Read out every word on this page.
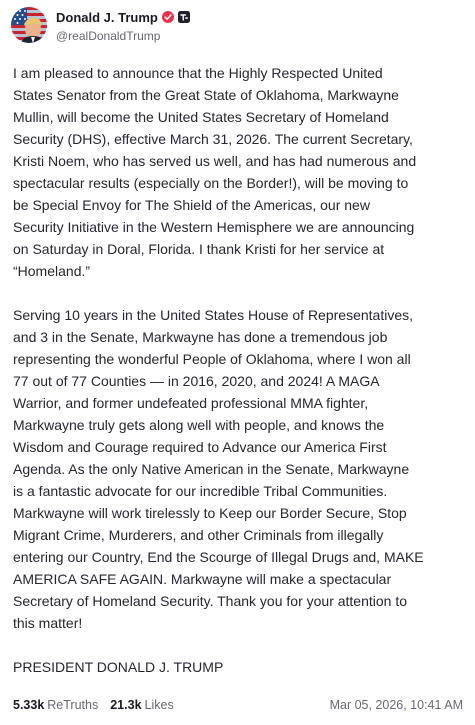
Donald J. Trump
@realDonaldTrump

I am pleased to announce that the Highly Respected United
States Senator from the Great State of Oklahoma, Markwayne
Mullin, will become the United States Secretary of Homeland
Security (DHS), effective March 31, 2026. The current Secretary,
Kristi Noem, who has served us well, and has had numerous and
spectacular results (especially on the Border!), will be moving to
be Special Envoy for The Shield of the Americas, our new
Security Initiative in the Western Hemisphere we are announcing
on Saturday in Doral, Florida. I thank Kristi for her service at
“Homeland.”

Serving 10 years in the United States House of Representatives,
and 3 in the Senate, Markwayne has done a tremendous job
representing the wonderful People of Oklahoma, where I won all
77 out of 77 Counties — in 2016, 2020, and 2024! A MAGA
Warrior, and former undefeated professional MMA fighter,
Markwayne truly gets along well with people, and knows the
Wisdom and Courage required to Advance our America First
Agenda. As the only Native American in the Senate, Markwayne
is a fantastic advocate for our incredible Tribal Communities.
Markwayne will work tirelessly to Keep our Border Secure, Stop
Migrant Crime, Murderers, and other Criminals from illegally
entering our Country, End the Scourge of Illegal Drugs and, MAKE
AMERICA SAFE AGAIN. Markwayne will make a spectacular
Secretary of Homeland Security. Thank you for your attention to
this matter!

PRESIDENT DONALD J. TRUMP

5.33k ReTruths 21.3k Likes	Mar 05, 2026, 10:41 AM
